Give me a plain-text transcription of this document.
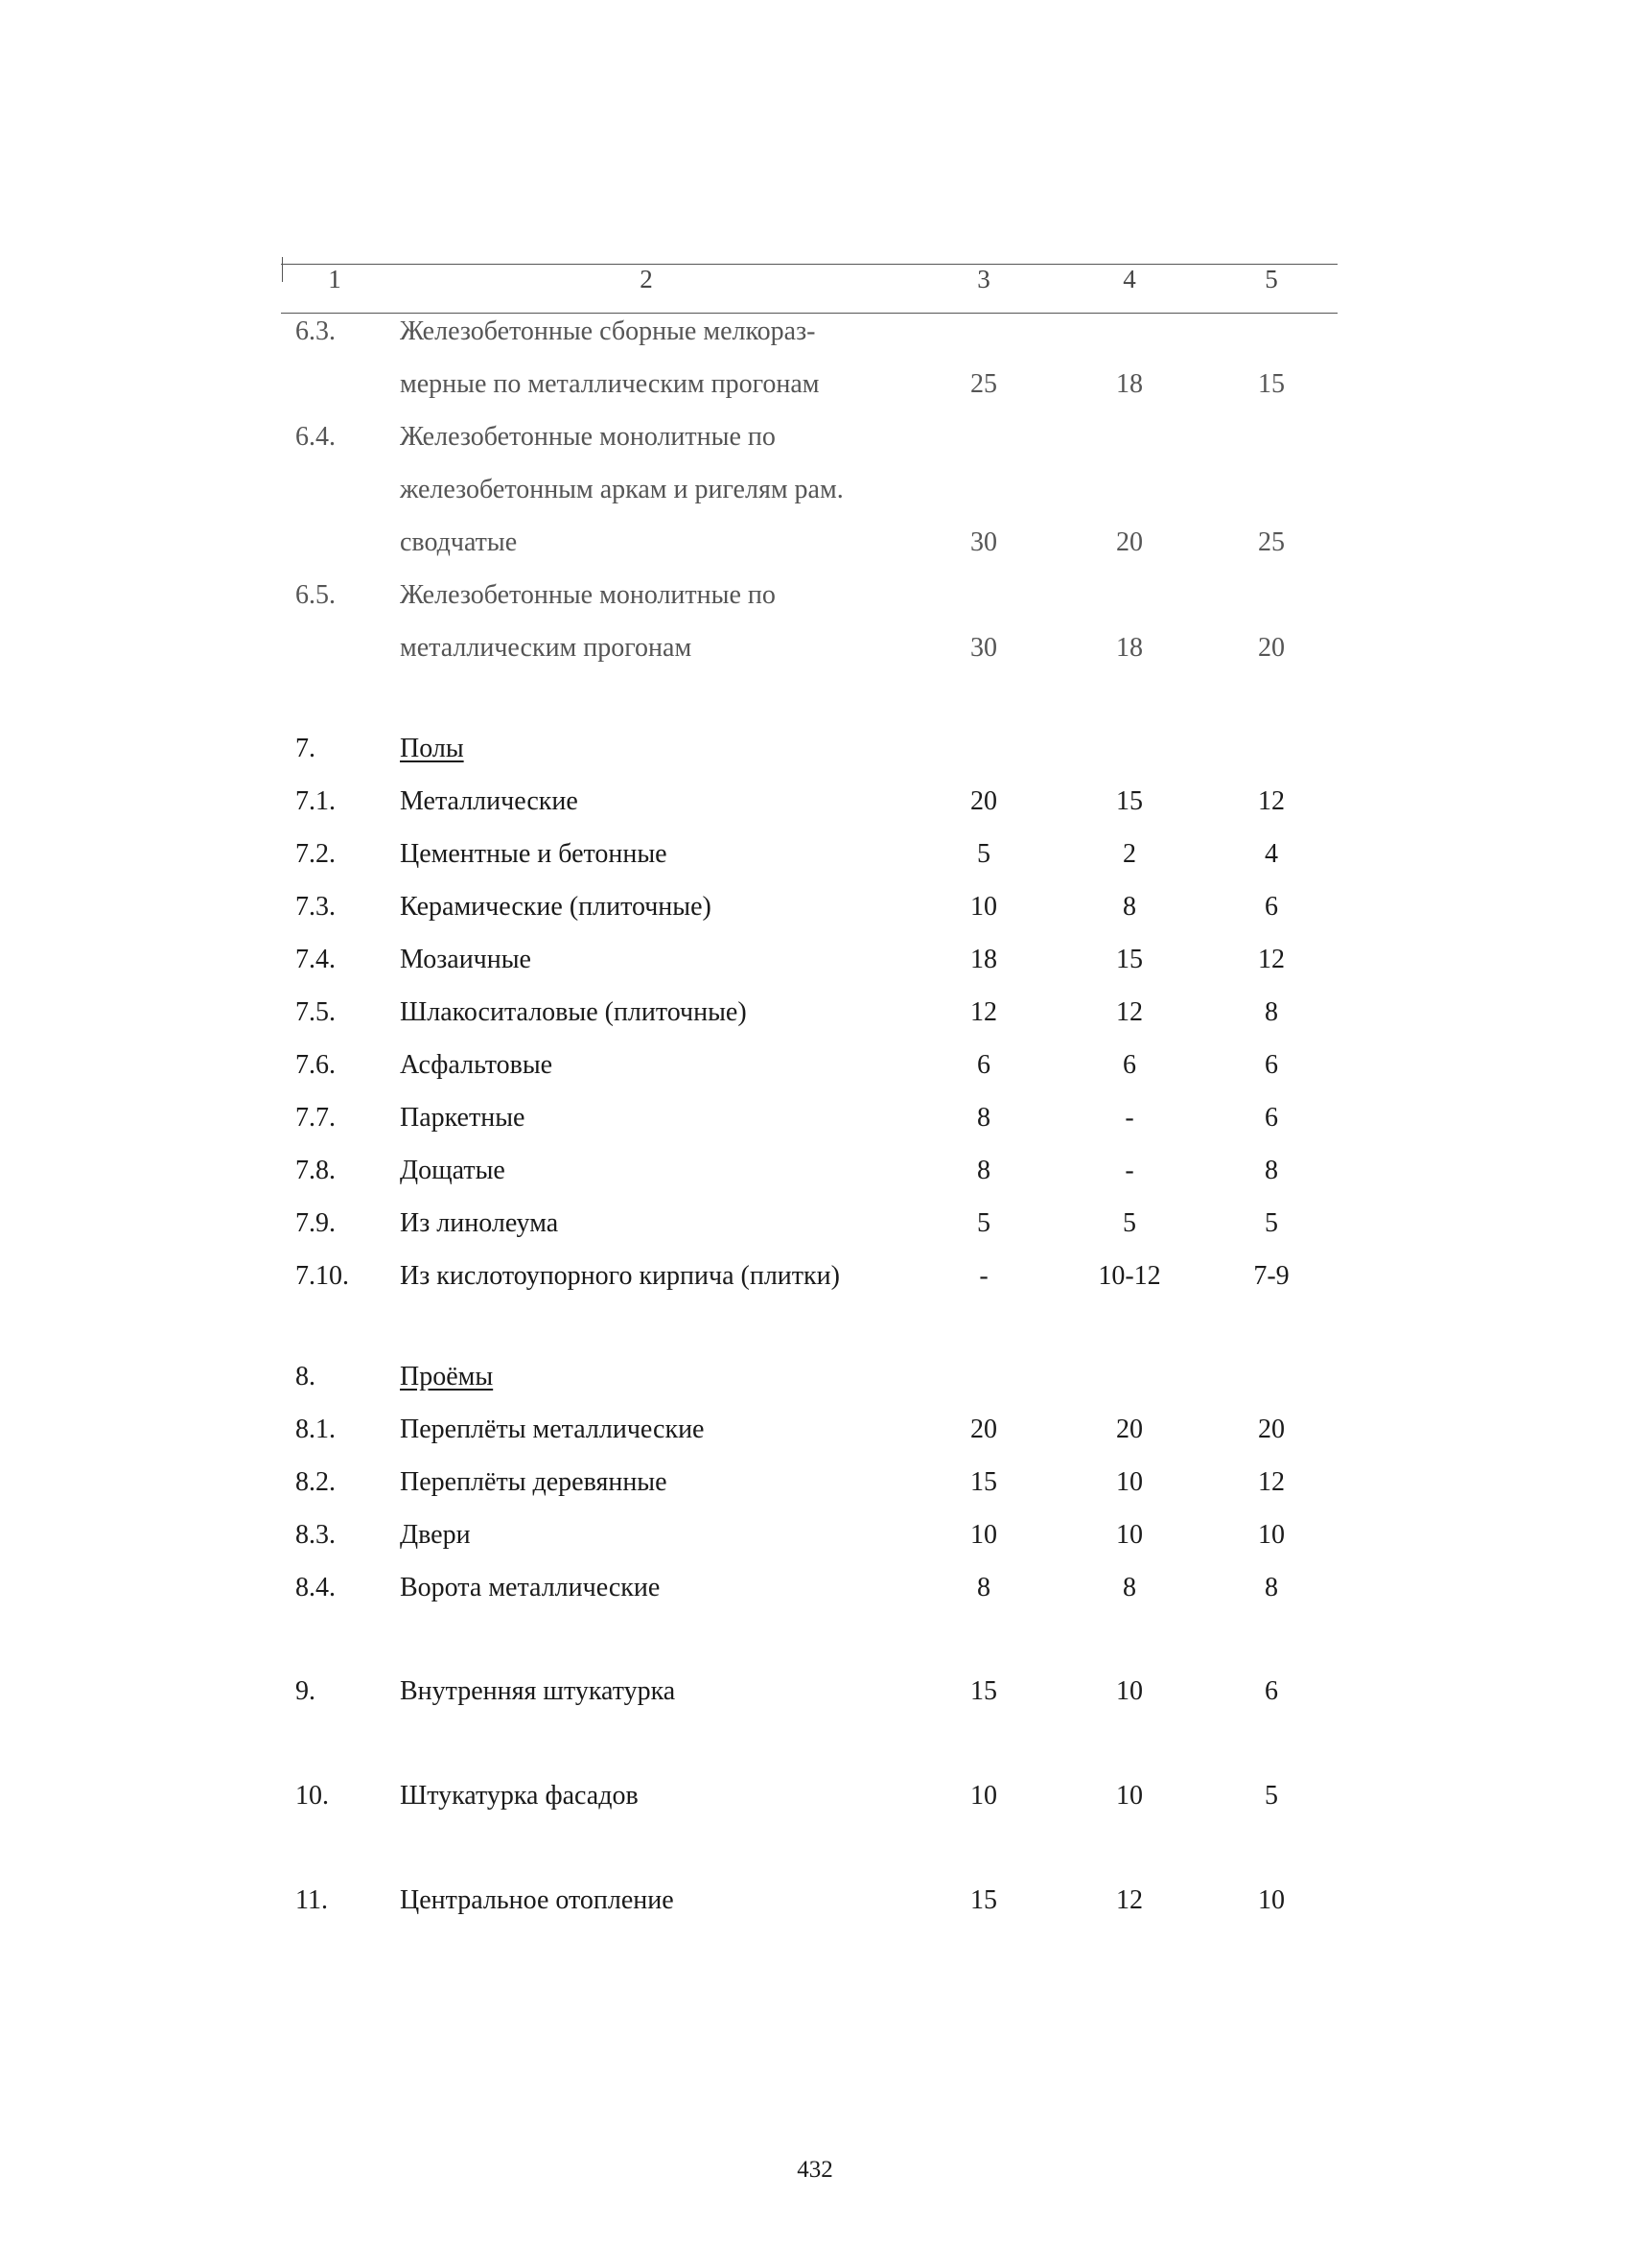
1	2	3	4	5
6.3. Железобетонные сборные мелкораз-
мерные по металлическим прогонам	25	18	15
6.4. Железобетонные монолитные по
железобетонным аркам и ригелям рам.
сводчатые	30	20	25
6.5. Железобетонные монолитные по
металлическим прогонам	30	18	20
7.	Полы
7.1. Металлические	20	15	12
7.2. Цементные и бетонные	5	2	4
7.3. Керамические (плиточные)	10	8	6
7.4. Мозаичные	18	15	12
7.5. Шлакоситаловые (плиточные)	12	12	8
7.6. Асфальтовые	6	6	6
7.7. Паркетные	8	-	6
7.8. Дощатые	8	-	8
7.9. Из линолеума	5	5	5
7.10. Из кислотоупорного кирпича (плитки)	-	10-12	7-9
8.	Проёмы
8.1. Переплёты металлические	20	20	20
8.2. Переплёты деревянные	15	10	12
8.3. Двери	10	10	10
8.4. Ворота металлические	8	8	8
9.	Внутренняя штукатурка	15	10	6
10.	Штукатурка фасадов	10	10	5
11.	Центральное отопление	15	12	10
432
